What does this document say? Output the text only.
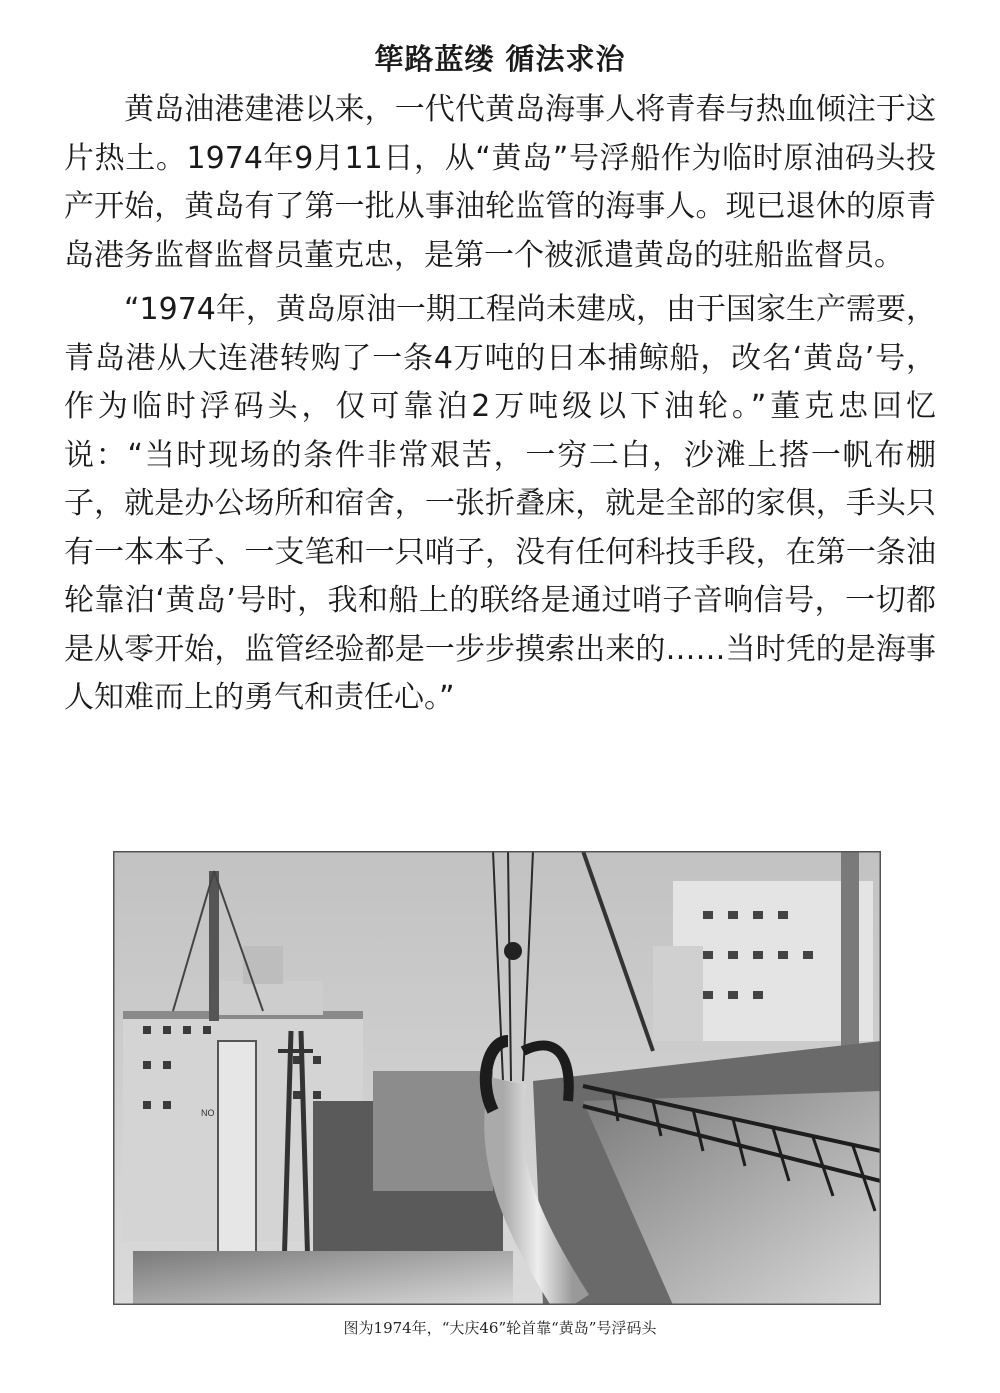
筚路蓝缕 循法求治

黄岛油港建港以来，一代代黄岛海事人将青春与热血倾注于这片热土。1974年9月11日，从“黄岛”号浮船作为临时原油码头投产开始，黄岛有了第一批从事油轮监管的海事人。现已退休的原青岛港务监督监督员董克忠，是第一个被派遣黄岛的驻船监督员。

“1974年，黄岛原油一期工程尚未建成，由于国家生产需要，青岛港从大连港转购了一条4万吨的日本捕鲸船，改名‘黄岛’号，作为临时浮码头，仅可靠泊2万吨级以下油轮。”董克忠回忆说：“当时现场的条件非常艰苦，一穷二白，沙滩上搭一帆布棚子，就是办公场所和宿舍，一张折叠床，就是全部的家俱，手头只有一本本子、一支笔和一只哨子，没有任何科技手段，在第一条油轮靠泊‘黄岛’号时，我和船上的联络是通过哨子音响信号，一切都是从零开始，监管经验都是一步步摸索出来的……当时凭的是海事人知难而上的勇气和责任心。”

NO
图为1974年，“大庆46”轮首靠“黄岛”号浮码头
